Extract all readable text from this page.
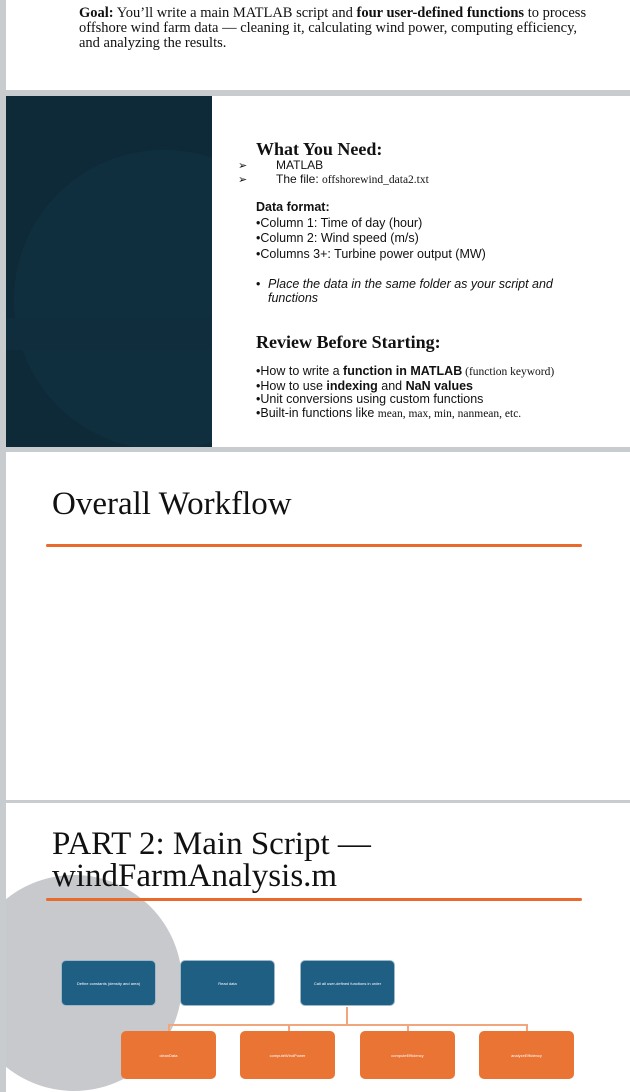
Goal: You’ll write a main MATLAB script and four user-defined functions to process offshore wind farm data — cleaning it, calculating wind power, computing efficiency, and analyzing the results.
What You Need:
➢ MATLAB
➢ The file: offshorewind_data2.txt
Data format:
•Column 1: Time of day (hour)
•Column 2: Wind speed (m/s)
•Columns 3+: Turbine power output (MW)
• Place the data in the same folder as your script and functions
Review Before Starting:
•How to write a function in MATLAB (function keyword)
•How to use indexing and NaN values
•Unit conversions using custom functions
•Built-in functions like mean, max, min, nanmean, etc.
Overall Workflow
PART 2: Main Script —
windFarmAnalysis.m
Define constants (density and area)	Read data	Call all user-defined functions in order
cleanData	computeWindPower	computeEfficiency	analyzeEfficiency
